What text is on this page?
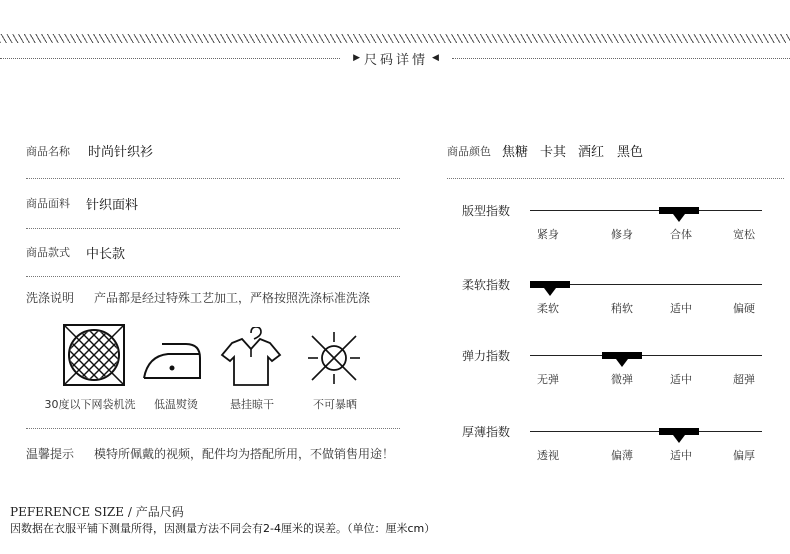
▶ 尺码详情 ◀
商品名称 时尚针织衫
商品面料 针织面料
商品款式 中长款
洗涤说明 产品都是经过特殊工艺加工，严格按照洗涤标准洗涤
30度以下网袋机洗	低温熨烫	悬挂晾干	不可暴晒
温馨提示 模特所佩戴的视频，配件均为搭配所用，不做销售用途！
商品颜色 焦糖 卡其 酒红 黑色
版型指数
紧身	修身	合体	宽松
柔软指数
柔软	稍软	适中	偏硬
弹力指数
无弹	微弹	适中	超弹
厚薄指数
透视	偏薄	适中	偏厚
PEFERENCE SIZE / 产品尺码
因数据在衣服平铺下测量所得，因测量方法不同会有2-4厘米的误差。（单位：厘米cm）
